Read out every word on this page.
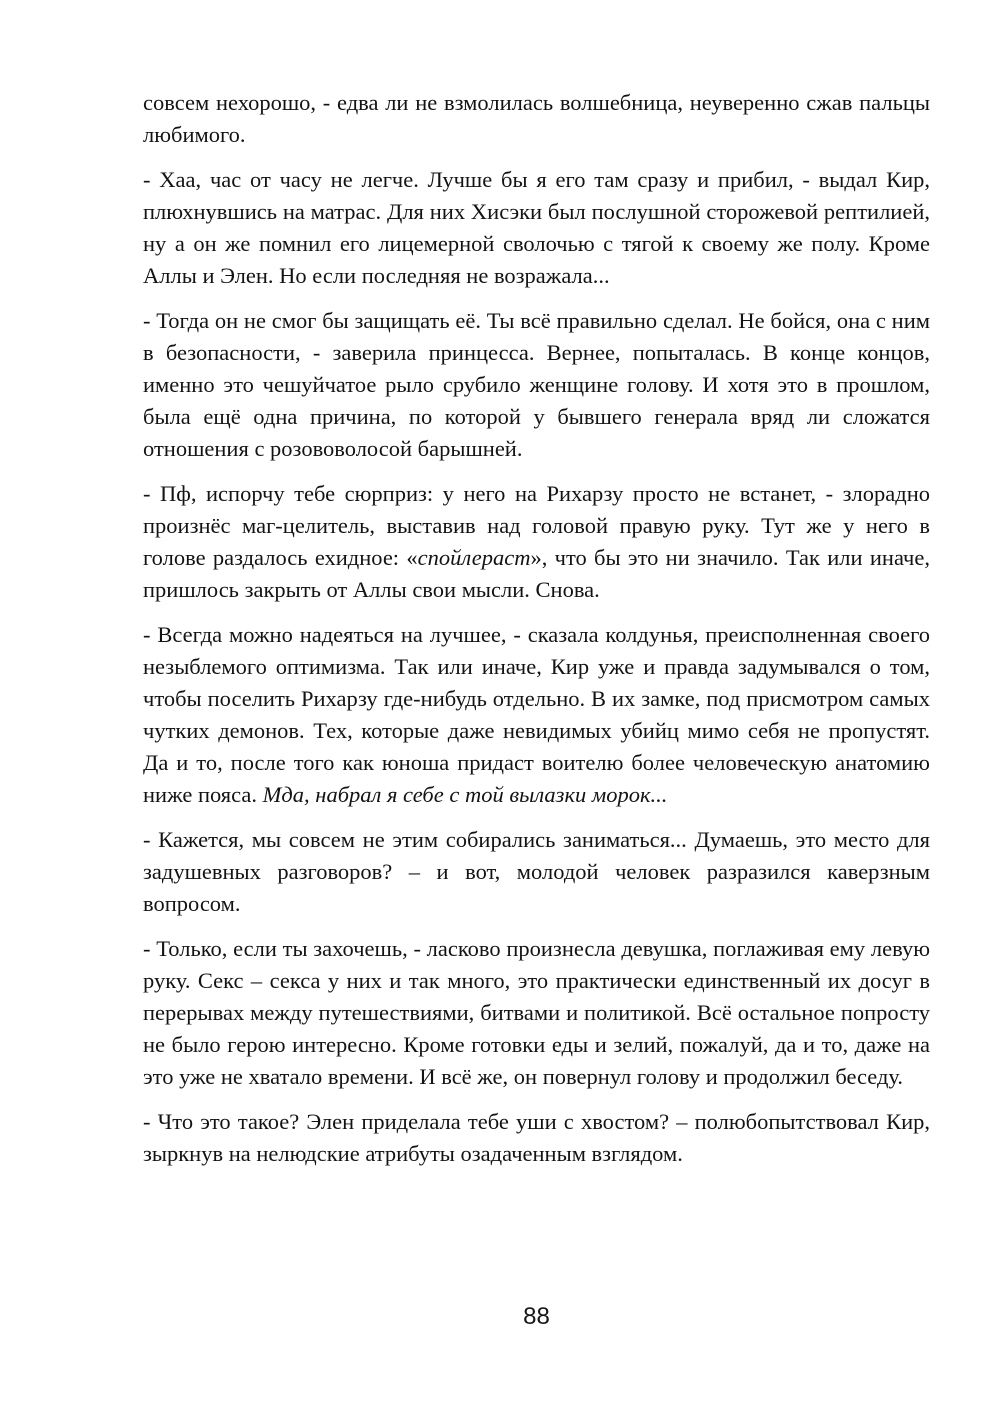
совсем нехорошо, - едва ли не взмолилась волшебница, неуверенно сжав пальцы любимого.

- Хаа, час от часу не легче. Лучше бы я его там сразу и прибил, - выдал Кир, плюхнувшись на матрас. Для них Хисэки был послушной сторожевой рептилией, ну а он же помнил его лицемерной сволочью с тягой к своему же полу. Кроме Аллы и Элен. Но если последняя не возражала...

- Тогда он не смог бы защищать её. Ты всё правильно сделал. Не бойся, она с ним в безопасности, - заверила принцесса. Вернее, попыталась. В конце концов, именно это чешуйчатое рыло срубило женщине голову. И хотя это в прошлом, была ещё одна причина, по которой у бывшего генерала вряд ли сложатся отношения с розововолосой барышней.

- Пф, испорчу тебе сюрприз: у него на Рихарзу просто не встанет, - злорадно произнёс маг-целитель, выставив над головой правую руку. Тут же у него в голове раздалось ехидное: «спойлераст», что бы это ни значило. Так или иначе, пришлось закрыть от Аллы свои мысли. Снова.

- Всегда можно надеяться на лучшее, - сказала колдунья, преисполненная своего незыблемого оптимизма. Так или иначе, Кир уже и правда задумывался о том, чтобы поселить Рихарзу где-нибудь отдельно. В их замке, под присмотром самых чутких демонов. Тех, которые даже невидимых убийц мимо себя не пропустят. Да и то, после того как юноша придаст воителю более человеческую анатомию ниже пояса. Мда, набрал я себе с той вылазки морок...

- Кажется, мы совсем не этим собирались заниматься... Думаешь, это место для задушевных разговоров? – и вот, молодой человек разразился каверзным вопросом.

- Только, если ты захочешь, - ласково произнесла девушка, поглаживая ему левую руку. Секс – секса у них и так много, это практически единственный их досуг в перерывах между путешествиями, битвами и политикой. Всё остальное попросту не было герою интересно. Кроме готовки еды и зелий, пожалуй, да и то, даже на это уже не хватало времени. И всё же, он повернул голову и продолжил беседу.

- Что это такое? Элен приделала тебе уши с хвостом? – полюбопытствовал Кир, зыркнув на нелюдские атрибуты озадаченным взглядом.

88
